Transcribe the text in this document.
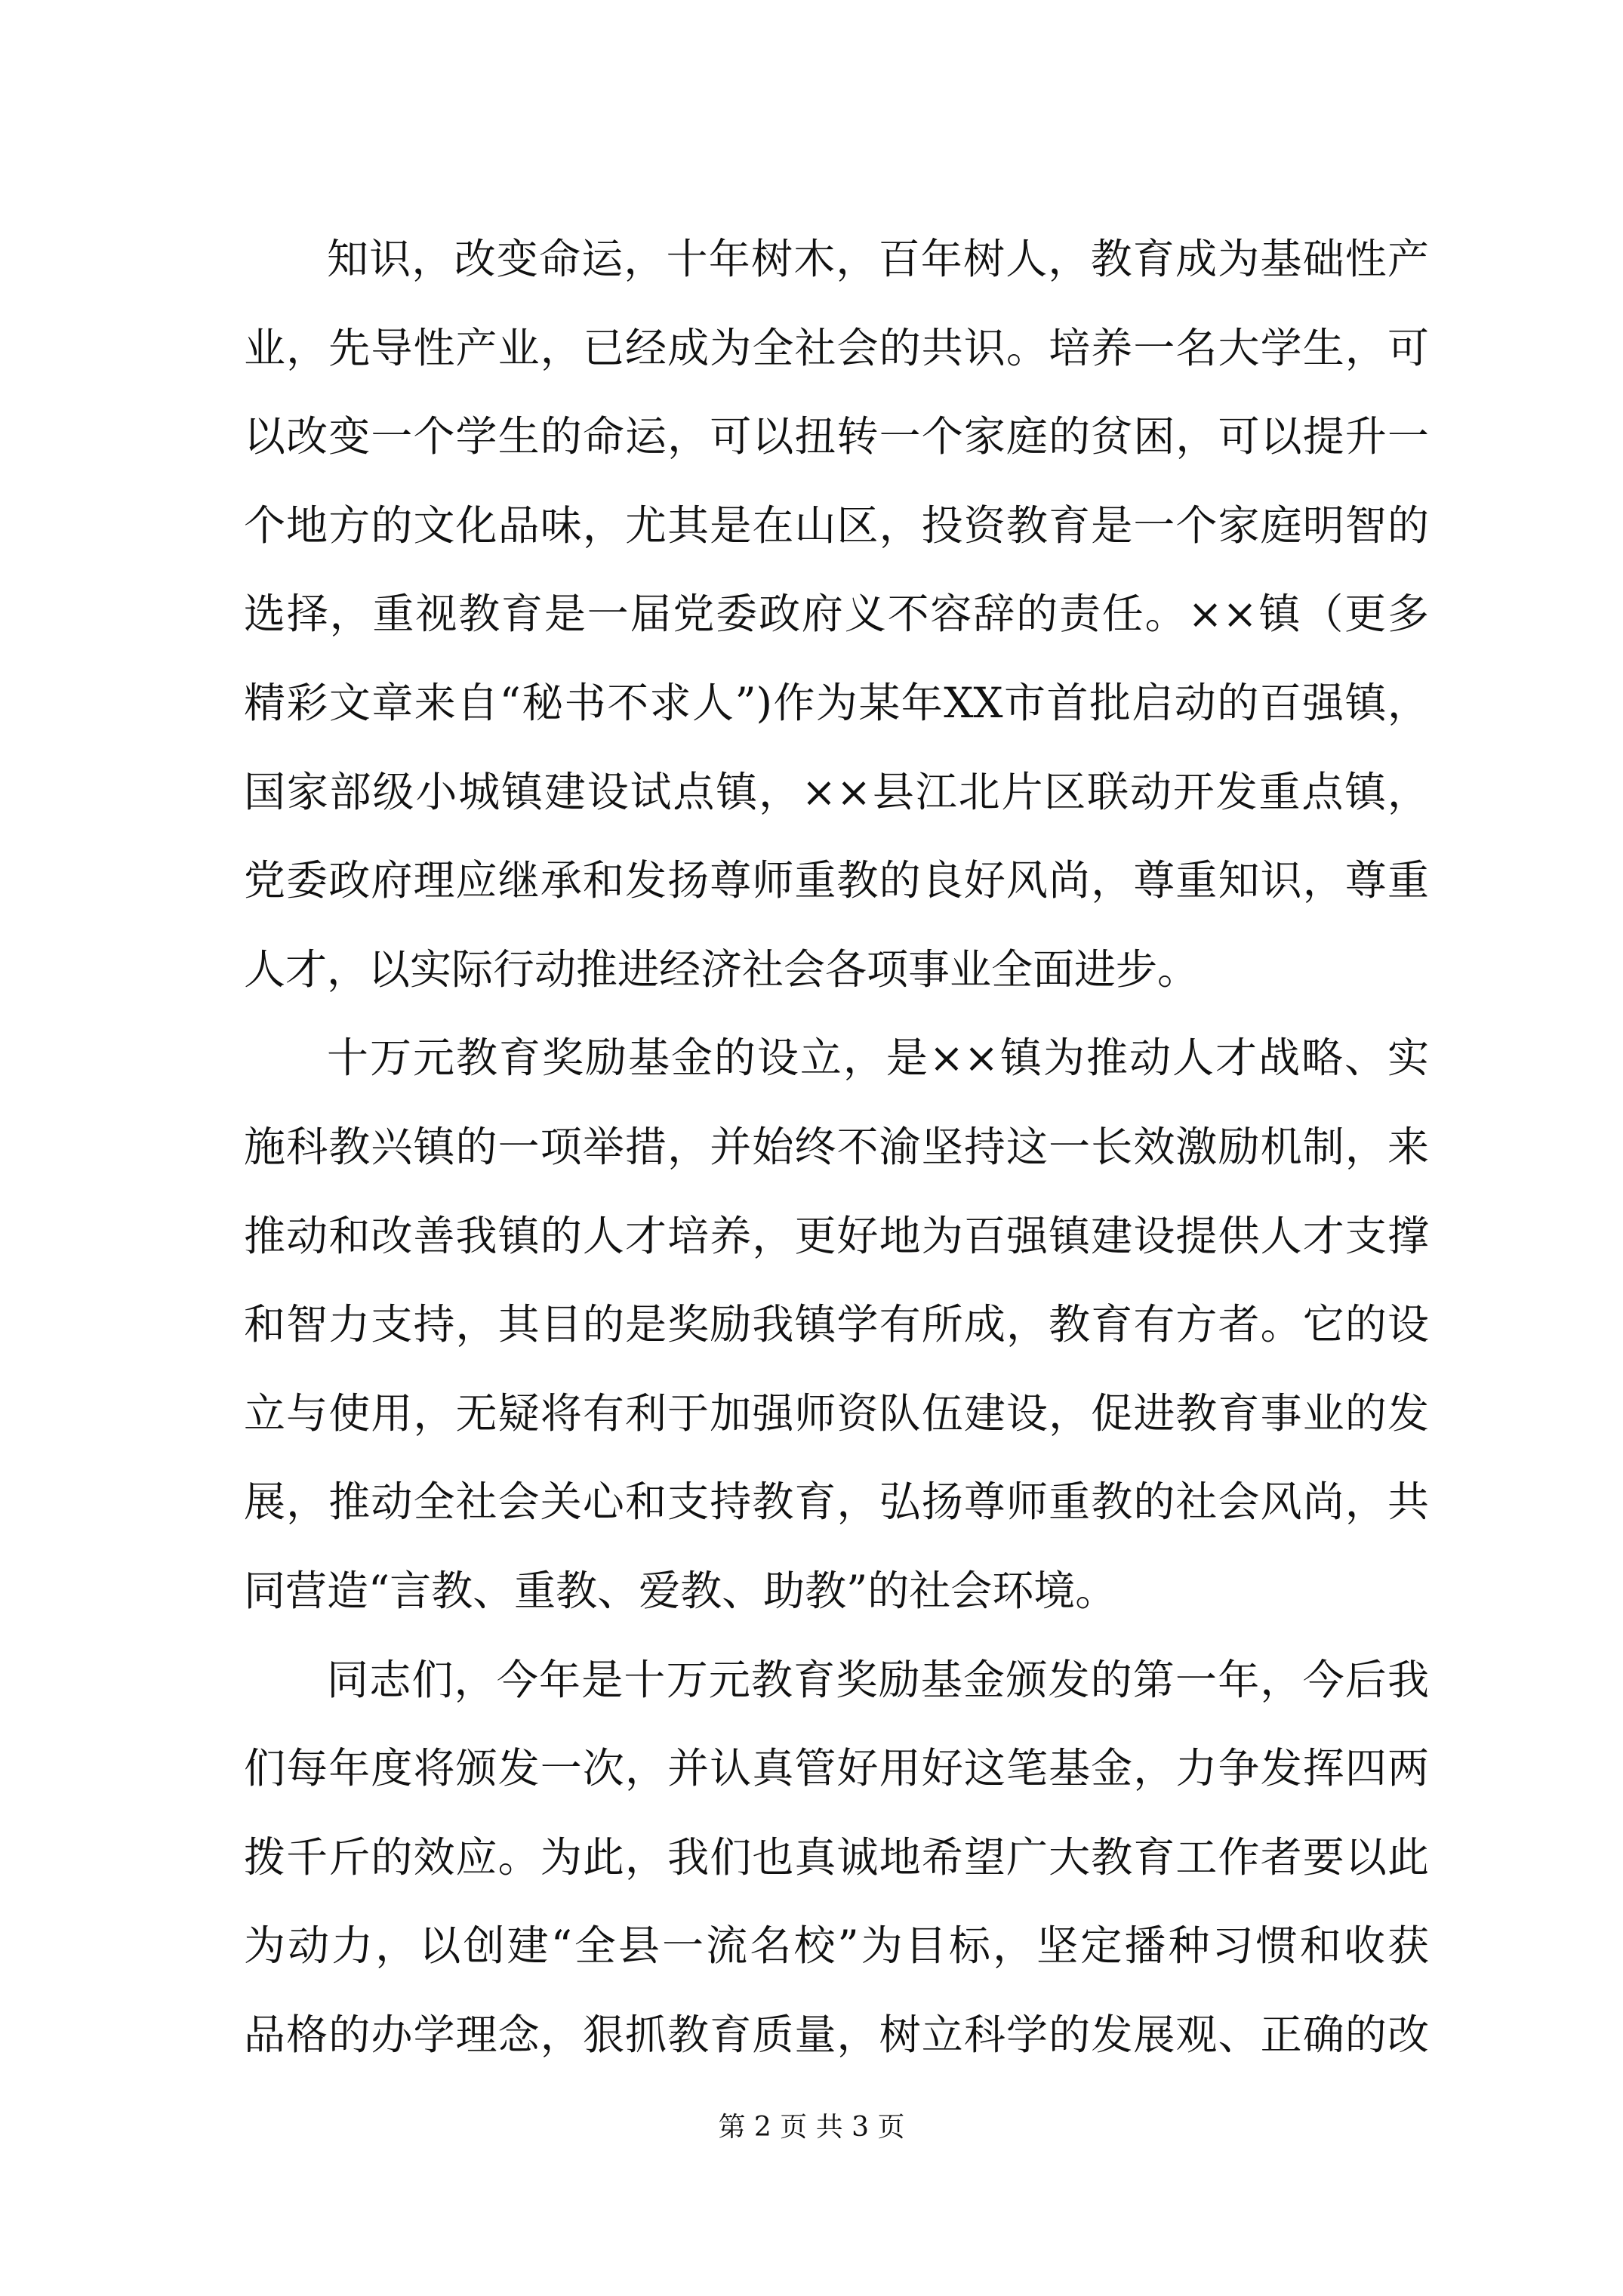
知识，改变命运，十年树木，百年树人，教育成为基础性产
业，先导性产业，已经成为全社会的共识。培养一名大学生，可
以改变一个学生的命运，可以扭转一个家庭的贫困，可以提升一
个地方的文化品味，尤其是在山区，投资教育是一个家庭明智的
选择，重视教育是一届党委政府义不容辞的责任。××镇（更多
精彩文章来自“秘书不求人”)作为某年XX市首批启动的百强镇，
国家部级小城镇建设试点镇，××县江北片区联动开发重点镇，
党委政府理应继承和发扬尊师重教的良好风尚，尊重知识，尊重
人才，以实际行动推进经济社会各项事业全面进步。
十万元教育奖励基金的设立，是××镇为推动人才战略、实
施科教兴镇的一项举措，并始终不渝坚持这一长效激励机制，来
推动和改善我镇的人才培养，更好地为百强镇建设提供人才支撑
和智力支持，其目的是奖励我镇学有所成，教育有方者。它的设
立与使用，无疑将有利于加强师资队伍建设，促进教育事业的发
展，推动全社会关心和支持教育，弘扬尊师重教的社会风尚，共
同营造“言教、重教、爱教、助教”的社会环境。
同志们，今年是十万元教育奖励基金颁发的第一年，今后我
们每年度将颁发一次，并认真管好用好这笔基金，力争发挥四两
拨千斤的效应。为此，我们也真诚地希望广大教育工作者要以此
为动力，以创建“全县一流名校”为目标，坚定播种习惯和收获
品格的办学理念，狠抓教育质量，树立科学的发展观、正确的改
第 2 页 共 3 页
